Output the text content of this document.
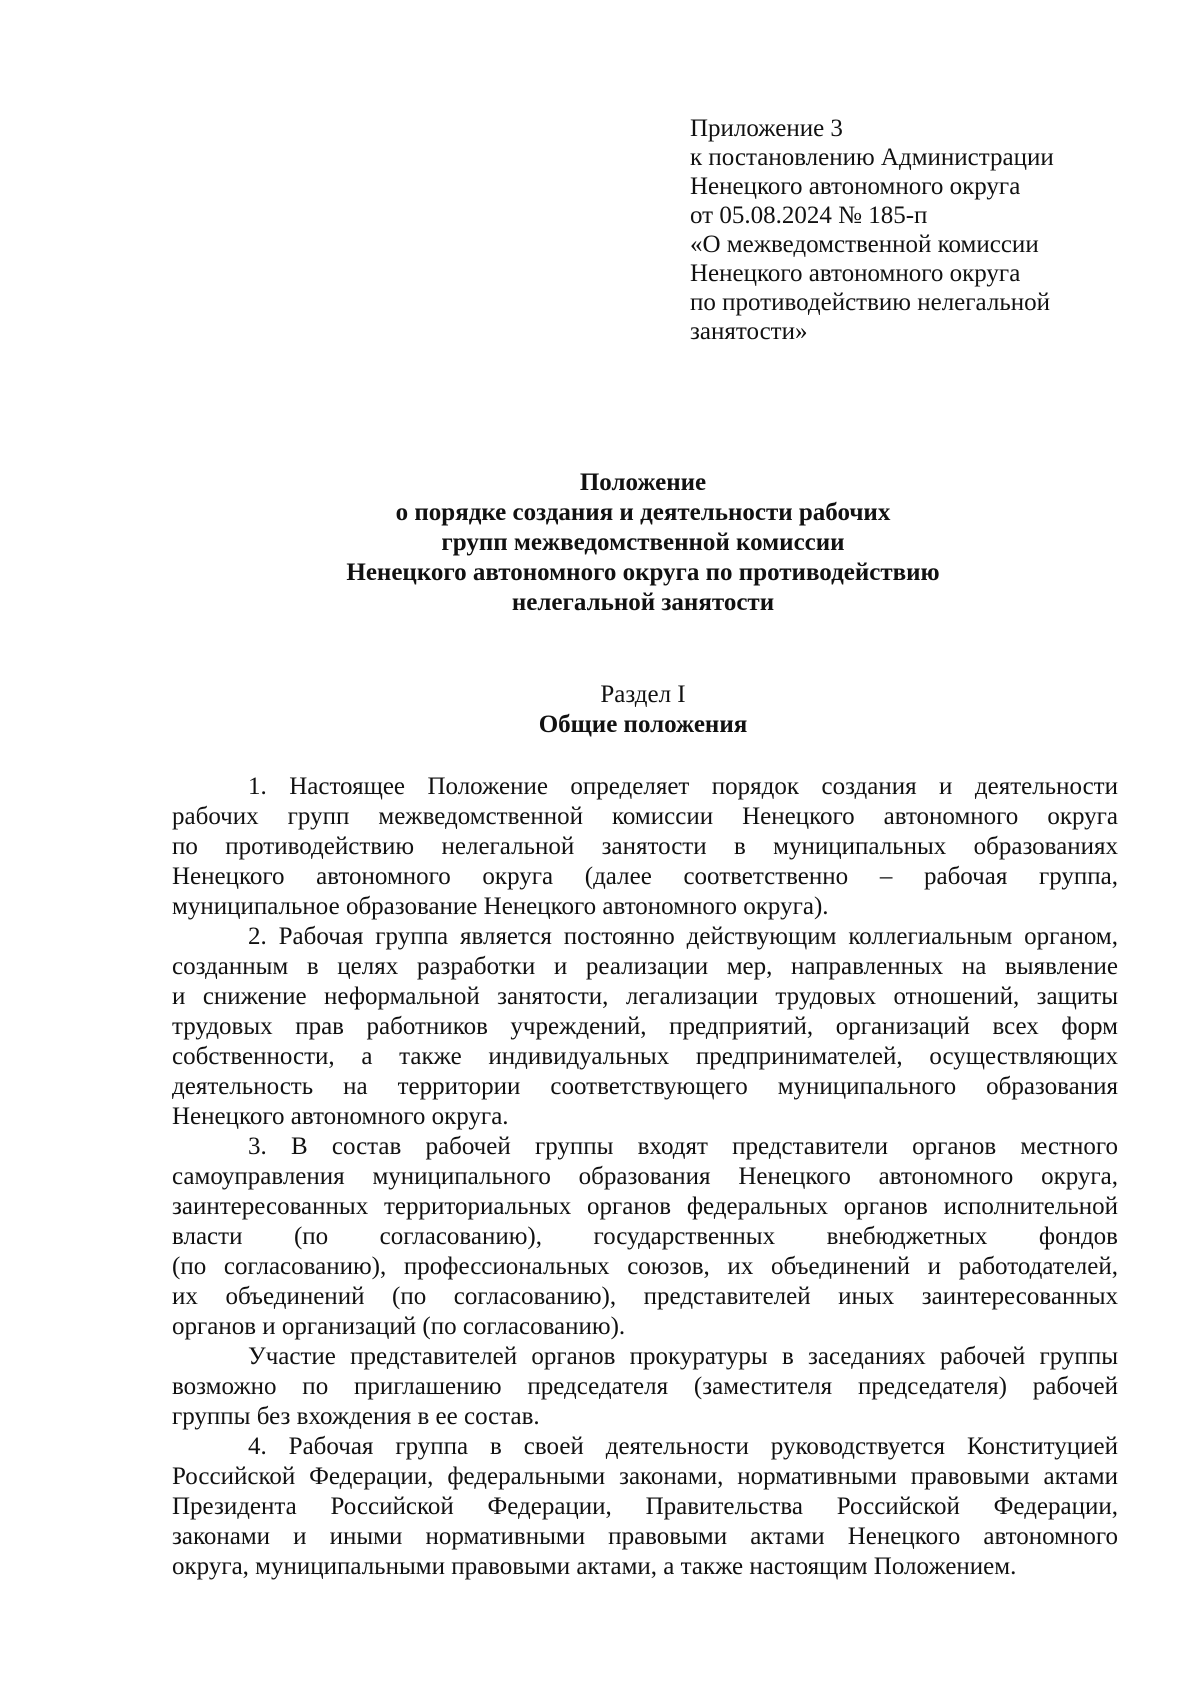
Приложение 3
к постановлению Администрации
Ненецкого автономного округа
от 05.08.2024 № 185-п
«О межведомственной комиссии
Ненецкого автономного округа
по противодействию нелегальной
занятости»
Положение
о порядке создания и деятельности рабочих
групп межведомственной комиссии
Ненецкого автономного округа по противодействию
нелегальной занятости
Раздел I
Общие положения
1. Настоящее Положение определяет порядок создания и деятельности
рабочих групп межведомственной комиссии Ненецкого автономного округа
по противодействию нелегальной занятости в муниципальных образованиях
Ненецкого автономного округа (далее соответственно – рабочая группа,
муниципальное образование Ненецкого автономного округа).
2. Рабочая группа является постоянно действующим коллегиальным органом,
созданным в целях разработки и реализации мер, направленных на выявление
и снижение неформальной занятости, легализации трудовых отношений, защиты
трудовых прав работников учреждений, предприятий, организаций всех форм
собственности, а также индивидуальных предпринимателей, осуществляющих
деятельность на территории соответствующего муниципального образования
Ненецкого автономного округа.
3. В состав рабочей группы входят представители органов местного
самоуправления муниципального образования Ненецкого автономного округа,
заинтересованных территориальных органов федеральных органов исполнительной
власти (по согласованию), государственных внебюджетных фондов
(по согласованию), профессиональных союзов, их объединений и работодателей,
их объединений (по согласованию), представителей иных заинтересованных
органов и организаций (по согласованию).
Участие представителей органов прокуратуры в заседаниях рабочей группы
возможно по приглашению председателя (заместителя председателя) рабочей
группы без вхождения в ее состав.
4. Рабочая группа в своей деятельности руководствуется Конституцией
Российской Федерации, федеральными законами, нормативными правовыми актами
Президента Российской Федерации, Правительства Российской Федерации,
законами и иными нормативными правовыми актами Ненецкого автономного
округа, муниципальными правовыми актами, а также настоящим Положением.
